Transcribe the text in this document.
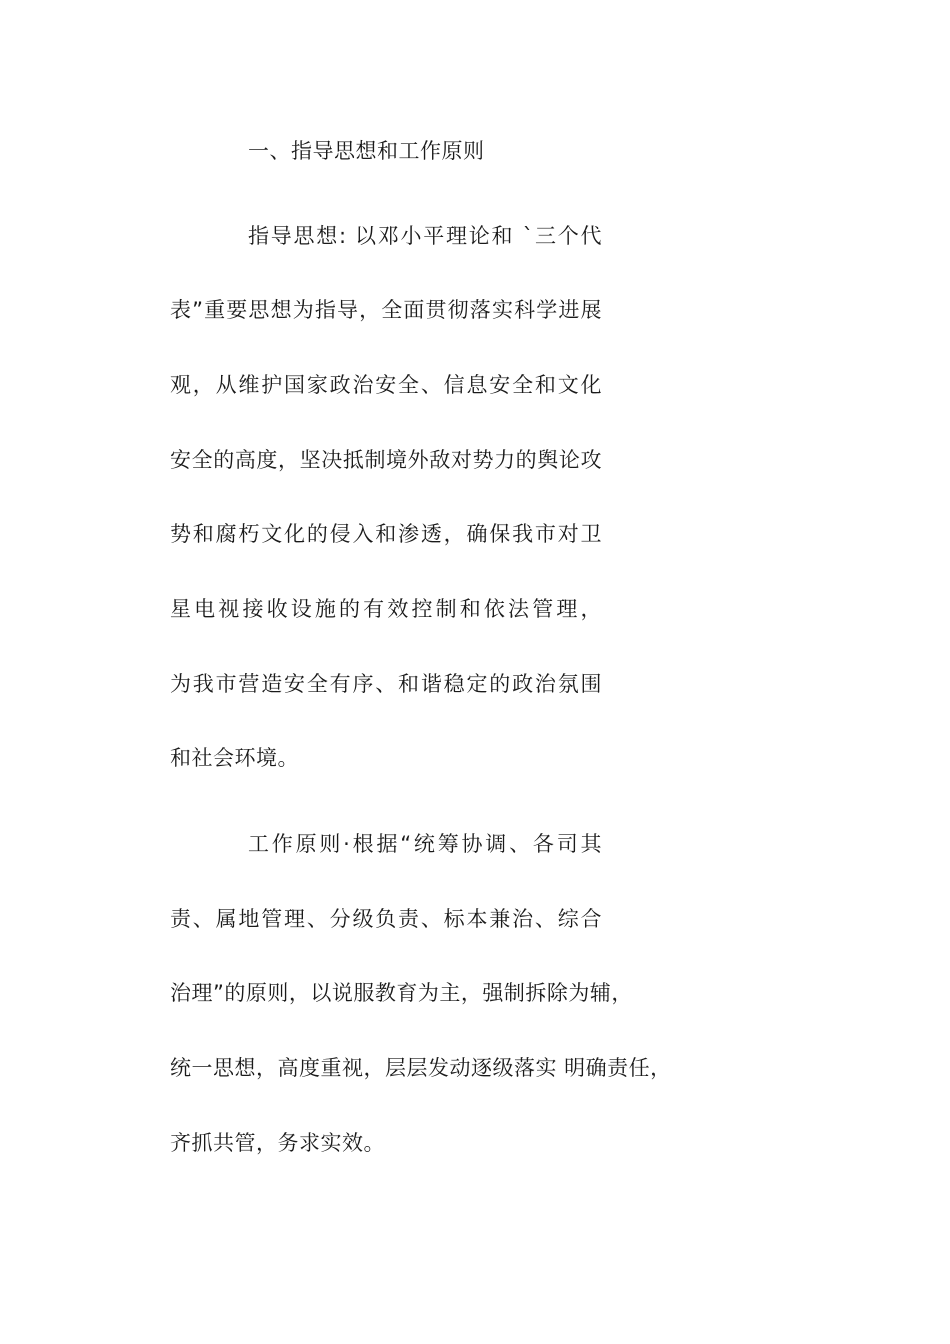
一、指导思想和工作原则
指导思想: 以邓小平理论和 `三个代
表”重要思想为指导，全面贯彻落实科学进展
观，从维护国家政治安全、信息安全和文化
安全的高度，坚决抵制境外敌对势力的舆论攻
势和腐朽文化的侵入和渗透，确保我市对卫
星电视接收设施的有效控制和依法管理，
为我市营造安全有序、和谐稳定的政治氛围
和社会环境。
工作原则·根据“统筹协调、各司其
责、属地管理、分级负责、标本兼治、综合
治理”的原则，以说服教育为主，强制拆除为辅，
统一思想，高度重视，层层发动逐级落实 明确责任，
齐抓共管，务求实效。
